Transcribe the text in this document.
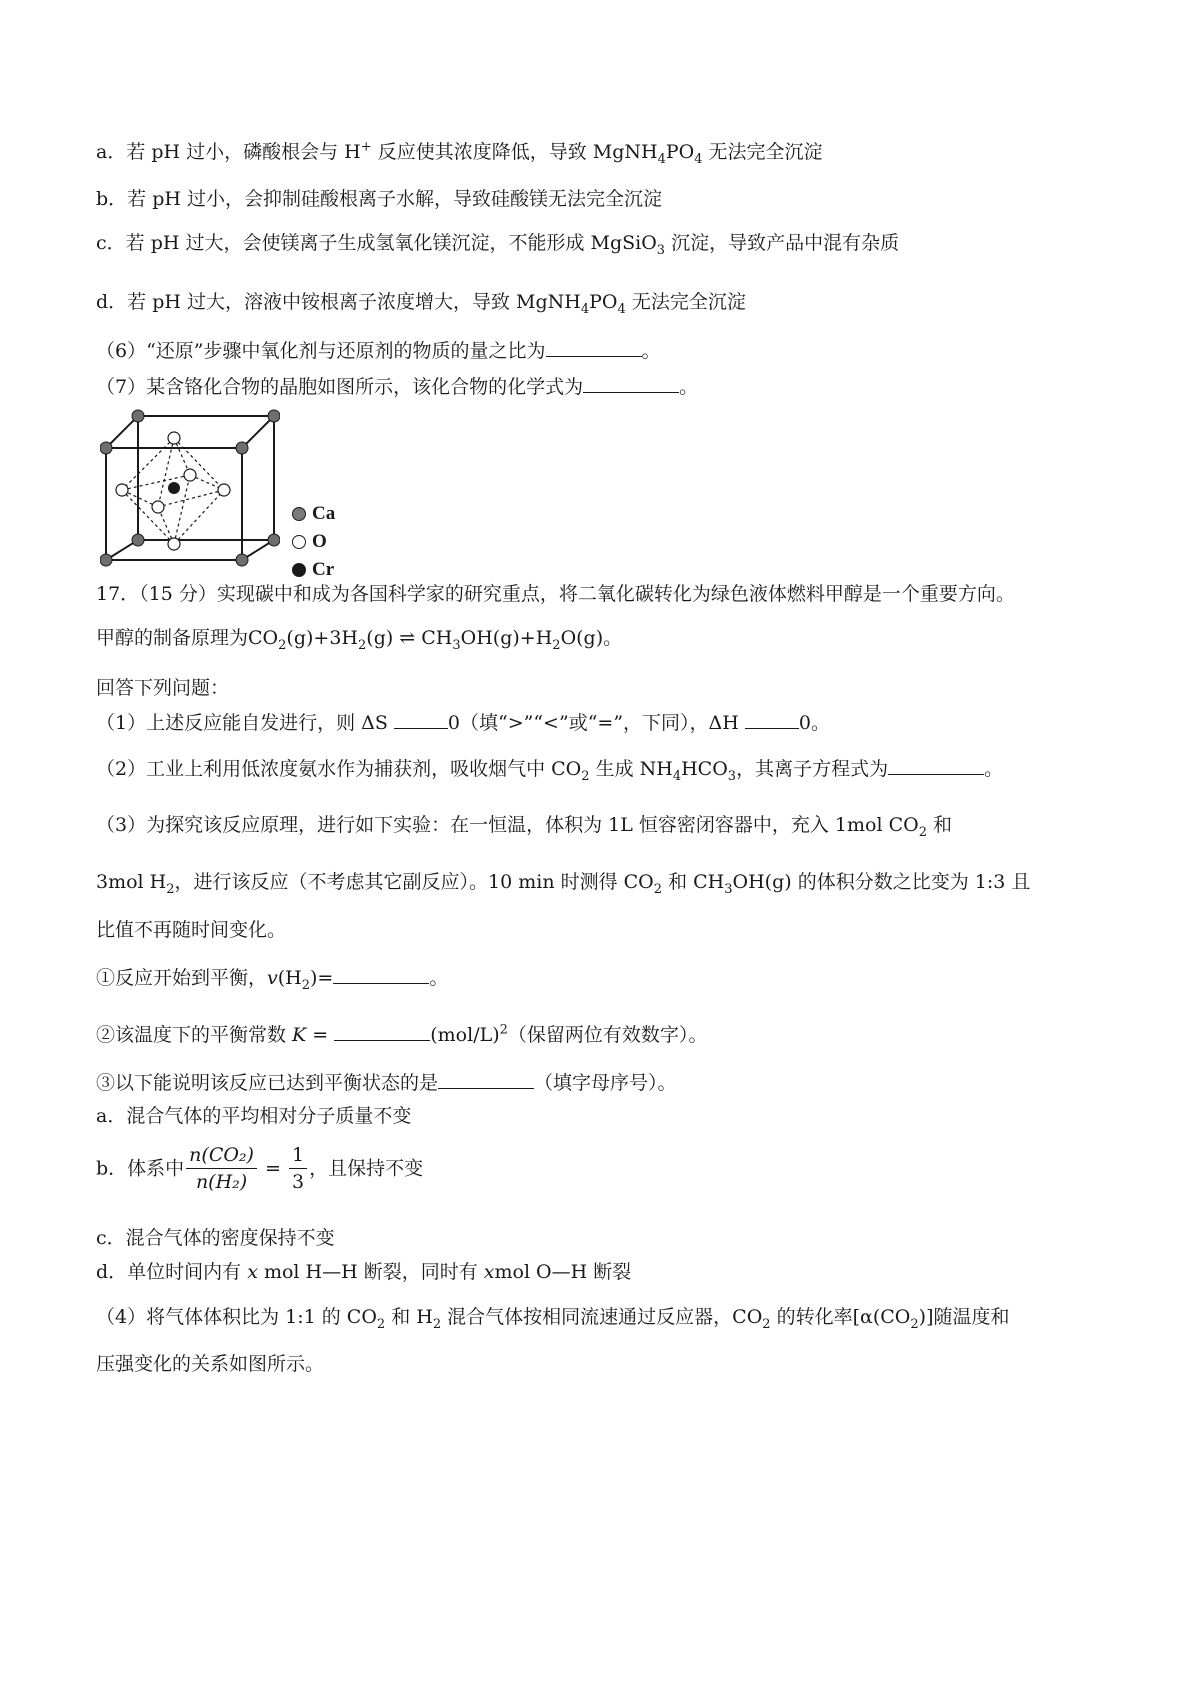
a．若 pH 过小，磷酸根会与 H+ 反应使其浓度降低，导致 $MgNH_4PO_4$ 无法完全沉淀
b．若 pH 过小，会抑制硅酸根离子水解，导致硅酸镁无法完全沉淀
c．若 pH 过大，会使镁离子生成氢氧化镁沉淀，不能形成 MgSiO$_3$ 沉淀，导致产品中混有杂质
d．若 pH 过大，溶液中铵根离子浓度增大，导致 $MgNH_4PO_4$ 无法完全沉淀
（6）“还原”步骤中氧化剂与还原剂的物质的量之比为	。
（7）某含铬化合物的晶胞如图所示，该化合物的化学式为	。
Ca
O
Cr
17．（15 分）实现碳中和成为各国科学家的研究重点，将二氧化碳转化为绿色液体燃料甲醇是一个重要方向。
甲醇的制备原理为$CO_2(g)+3H_2(g)$ ⇌ $CH_3OH(g)+H_2O(g)$。
回答下列问题：
（1）上述反应能自发进行，则 ΔS	0（填“>”“<”或“=”，下同），ΔH	0。
（2）工业上利用低浓度氨水作为捕获剂，吸收烟气中 $CO_2$ 生成 $NH_4HCO_3$，其离子方程式为	。
（3）为探究该反应原理，进行如下实验：在一恒温，体积为 1L 恒容密闭容器中，充入 1mol $CO_2$ 和
3mol $H_2$，进行该反应（不考虑其它副反应）。10 min 时测得 $CO_2$ 和 $CH_3OH(g)$ 的体积分数之比变为 1:3 且
比值不再随时间变化。
①反应开始到平衡，$v(H_2)=$	。
②该温度下的平衡常数 K =	$(mol/L)^2$（保留两位有效数字）。
③以下能说明该反应已达到平衡状态的是	（填字母序号）。
a．混合气体的平均相对分子质量不变
b．体系中 $\frac{\text{n(CO₂)}}{\text{n(H₂)}} = \frac{1}{3}$ ，且保持不变
c．混合气体的密度保持不变
d．单位时间内有 x mol H—H 断裂，同时有 xmol O—H 断裂
（4）将气体体积比为 1:1 的 $CO_2$ 和 $H_2$ 混合气体按相同流速通过反应器，$CO_2$ 的转化率$[\alpha(CO_2)]$随温度和
压强变化的关系如图所示。
